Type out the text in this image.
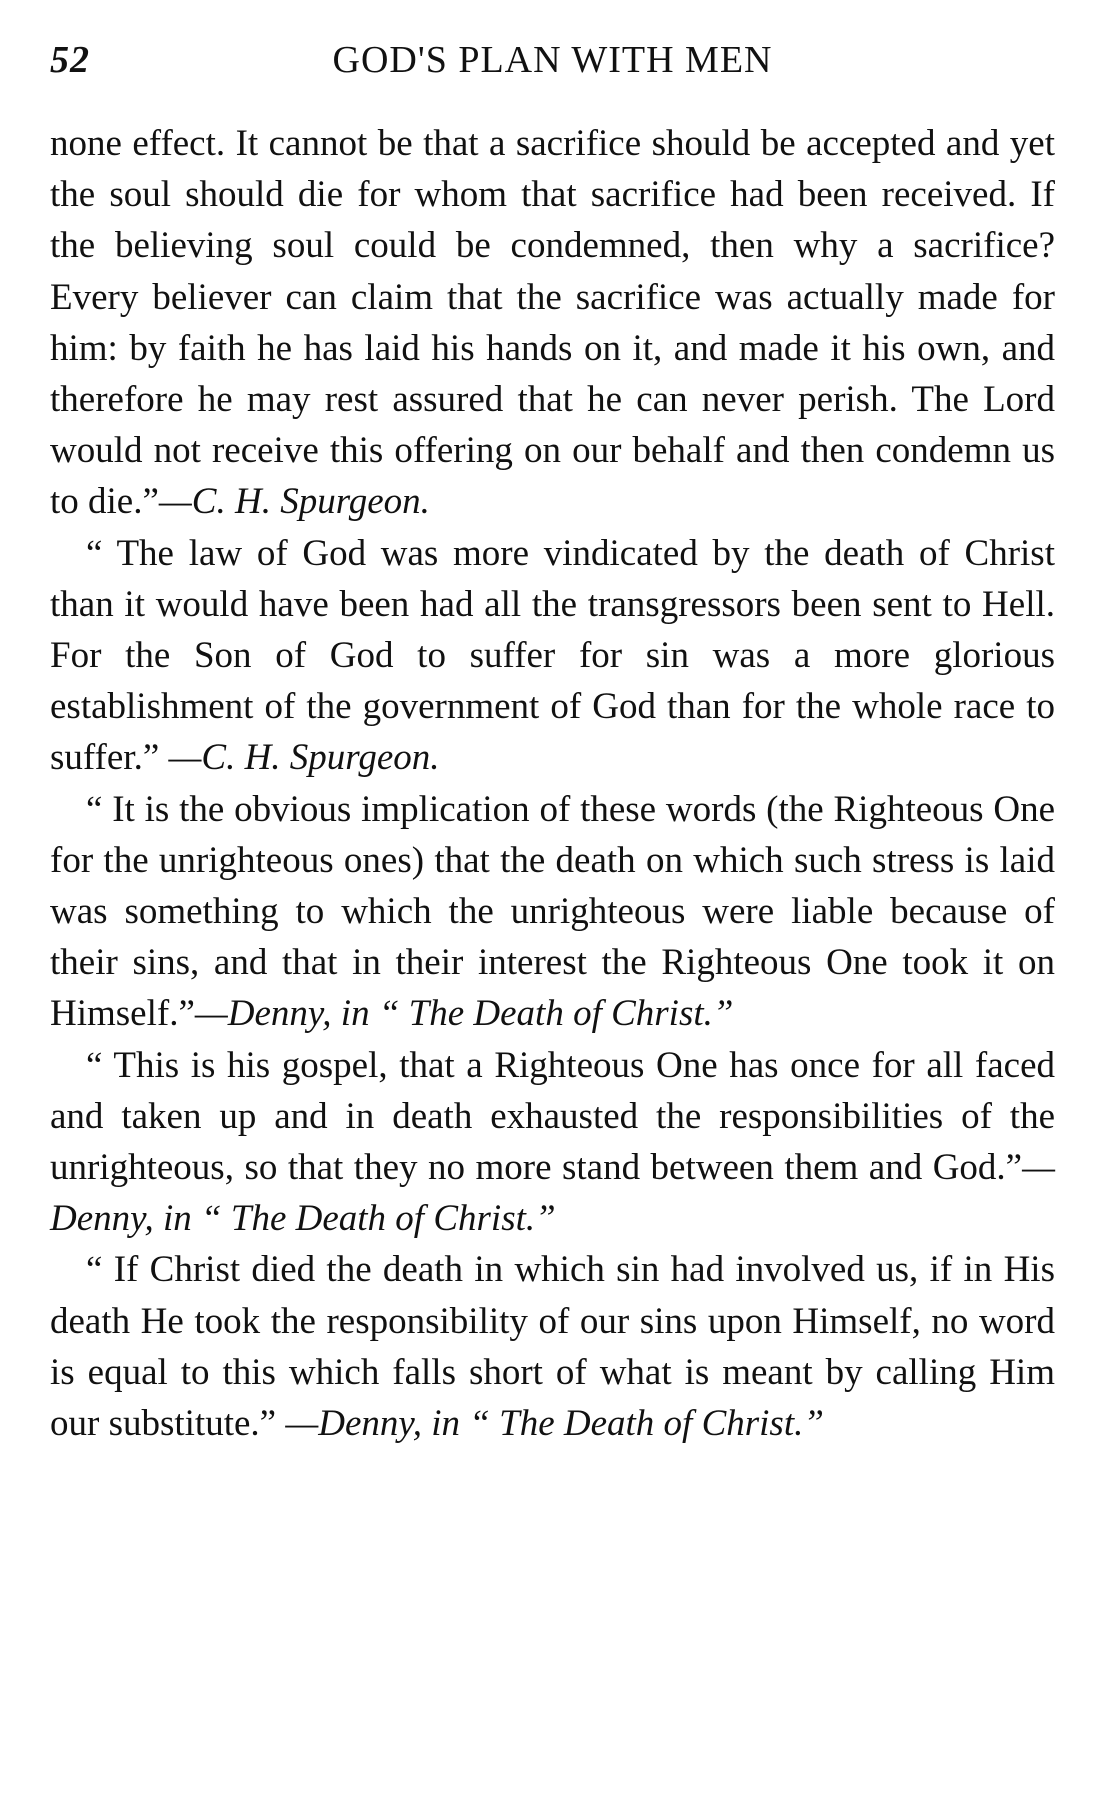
52	GOD'S PLAN WITH MEN

none effect. It cannot be that a sacrifice should be accepted and yet the soul should die for whom that sacrifice had been received. If the believing soul could be condemned, then why a sacrifice? Every believer can claim that the sacrifice was actually made for him: by faith he has laid his hands on it, and made it his own, and therefore he may rest assured that he can never perish. The Lord would not receive this offering on our behalf and then condemn us to die.”—C. H. Spurgeon.

“ The law of God was more vindicated by the death of Christ than it would have been had all the transgressors been sent to Hell. For the Son of God to suffer for sin was a more glorious establishment of the government of God than for the whole race to suffer.” —C. H. Spurgeon.

“ It is the obvious implication of these words (the Righteous One for the unrighteous ones) that the death on which such stress is laid was something to which the unrighteous were liable because of their sins, and that in their interest the Righteous One took it on Himself.”—Denny, in “ The Death of Christ.”

“ This is his gospel, that a Righteous One has once for all faced and taken up and in death exhausted the responsibilities of the unrighteous, so that they no more stand between them and God.”—Denny, in “ The Death of Christ.”

“ If Christ died the death in which sin had involved us, if in His death He took the responsibility of our sins upon Himself, no word is equal to this which falls short of what is meant by calling Him our substitute.” —Denny, in “ The Death of Christ.”
